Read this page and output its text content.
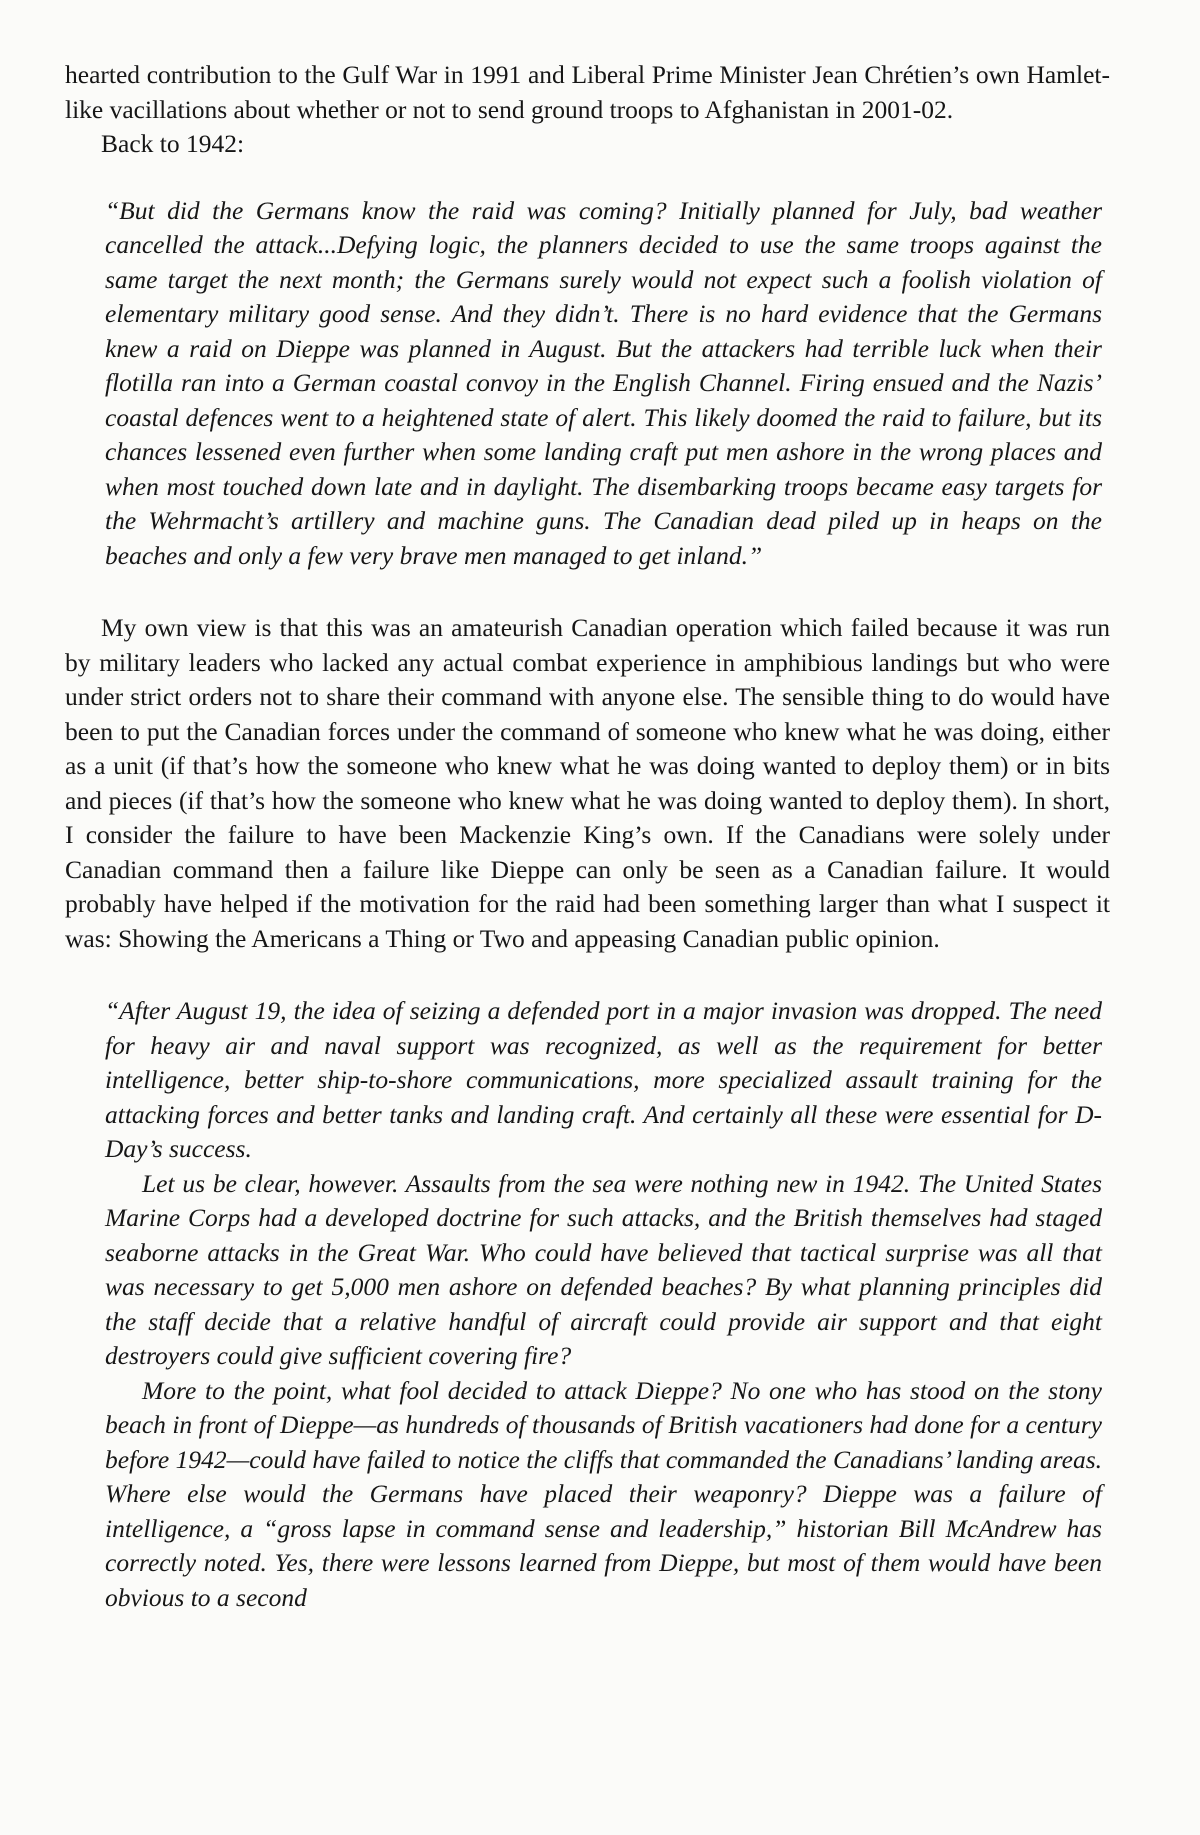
hearted contribution to the Gulf War in 1991 and Liberal Prime Minister Jean Chrétien’s own Hamlet-like vacillations about whether or not to send ground troops to Afghanistan in 2001-02.

Back to 1942:

“But did the Germans know the raid was coming? Initially planned for July, bad weather cancelled the attack...Defying logic, the planners decided to use the same troops against the same target the next month; the Germans surely would not expect such a foolish violation of elementary military good sense. And they didn’t. There is no hard evidence that the Germans knew a raid on Dieppe was planned in August. But the attackers had terrible luck when their flotilla ran into a German coastal convoy in the English Channel. Firing ensued and the Nazis’ coastal defences went to a heightened state of alert. This likely doomed the raid to failure, but its chances lessened even further when some landing craft put men ashore in the wrong places and when most touched down late and in daylight. The disembarking troops became easy targets for the Wehrmacht’s artillery and machine guns. The Canadian dead piled up in heaps on the beaches and only a few very brave men managed to get inland.”

My own view is that this was an amateurish Canadian operation which failed because it was run by military leaders who lacked any actual combat experience in amphibious landings but who were under strict orders not to share their command with anyone else. The sensible thing to do would have been to put the Canadian forces under the command of someone who knew what he was doing, either as a unit (if that’s how the someone who knew what he was doing wanted to deploy them) or in bits and pieces (if that’s how the someone who knew what he was doing wanted to deploy them). In short, I consider the failure to have been Mackenzie King’s own. If the Canadians were solely under Canadian command then a failure like Dieppe can only be seen as a Canadian failure. It would probably have helped if the motivation for the raid had been something larger than what I suspect it was: Showing the Americans a Thing or Two and appeasing Canadian public opinion.

“After August 19, the idea of seizing a defended port in a major invasion was dropped. The need for heavy air and naval support was recognized, as well as the requirement for better intelligence, better ship-to-shore communications, more specialized assault training for the attacking forces and better tanks and landing craft. And certainly all these were essential for D-Day’s success.

Let us be clear, however. Assaults from the sea were nothing new in 1942. The United States Marine Corps had a developed doctrine for such attacks, and the British themselves had staged seaborne attacks in the Great War. Who could have believed that tactical surprise was all that was necessary to get 5,000 men ashore on defended beaches? By what planning principles did the staff decide that a relative handful of aircraft could provide air support and that eight destroyers could give sufficient covering fire?

More to the point, what fool decided to attack Dieppe? No one who has stood on the stony beach in front of Dieppe—as hundreds of thousands of British vacationers had done for a century before 1942—could have failed to notice the cliffs that commanded the Canadians’ landing areas. Where else would the Germans have placed their weaponry? Dieppe was a failure of intelligence, a “gross lapse in command sense and leadership,” historian Bill McAndrew has correctly noted. Yes, there were lessons learned from Dieppe, but most of them would have been obvious to a second
